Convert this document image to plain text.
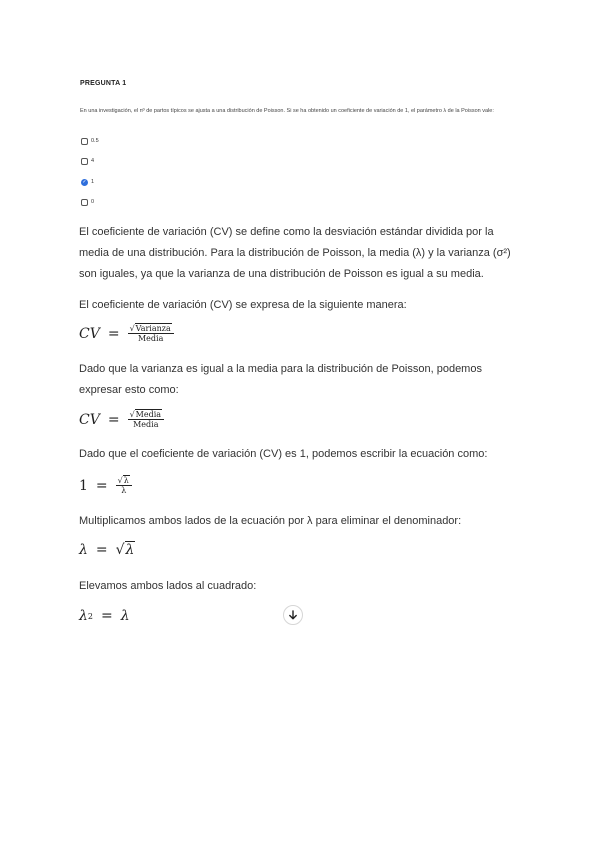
PREGUNTA 1
En una investigación, el nº de partos típicos se ajusta a una distribución de Poisson. Si se ha obtenido un coeficiente de variación de 1, el parámetro λ de la Poisson vale:
0.5
4
✓
1
0
El coeficiente de variación (CV) se define como la desviación estándar dividida por la media de una distribución. Para la distribución de Poisson, la media (λ) y la varianza (σ²) son iguales, ya que la varianza de una distribución de Poisson es igual a su media.
El coeficiente de variación (CV) se expresa de la siguiente manera:
CV = $\frac{\text{√Varianza}}{\text{Media}}$
Dado que la varianza es igual a la media para la distribución de Poisson, podemos expresar esto como:
CV = $\frac{\text{√Media}}{\text{Media}}$
Dado que el coeficiente de variación (CV) es 1, podemos escribir la ecuación como:
$1 = \frac{√\lambda}{\lambda}$
Multiplicamos ambos lados de la ecuación por λ para eliminar el denominador:
λ = √ λ
Elevamos ambos lados al cuadrado:
λ 2 = λ
